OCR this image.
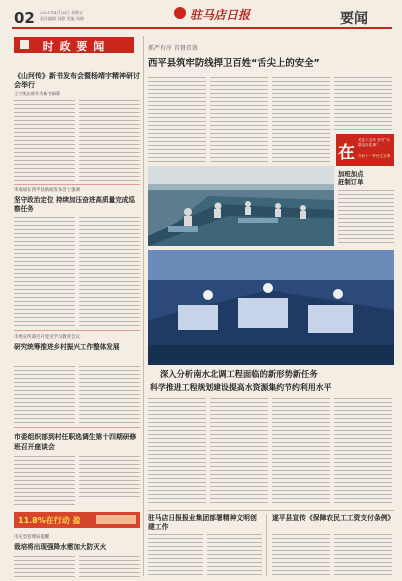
02 2021年4月16日 星期五
责任编辑 刘静 美编 汤晓	驻马店日报	要闻
时 政 要 闻
《山河传》新书发布会暨杨靖宇精神研讨会举行
王宁凯出席并为新书揭幕
李成斌在西平县新闻发布会上强调
坚守政治定位 持续加压奋进高质量完成巡察任务
市委宣传部召开党史学习教育会议
研究统筹推进乡村振兴工作整体发展
市委组织部到村任职选调生第十四期研修班召开座谈会
11.8%在行动 盈
市应急管理局提醒
栽培将出现强降水需加大防灭火
抓严有序 首督首效
西平县筑牢防线捍卫百姓“舌尖上的安全”
在
关注十五年 坚守“为群众办实事”
办好十一件民生实事
加班加点
赶制订单
深入分析南水北调工程面临的新形势新任务
科学推进工程规划建设提高水资源集约节约利用水平
驻马店日报报业集团部署精神文明创建工作
遂平县宣传《保障农民工工资支付条例》
